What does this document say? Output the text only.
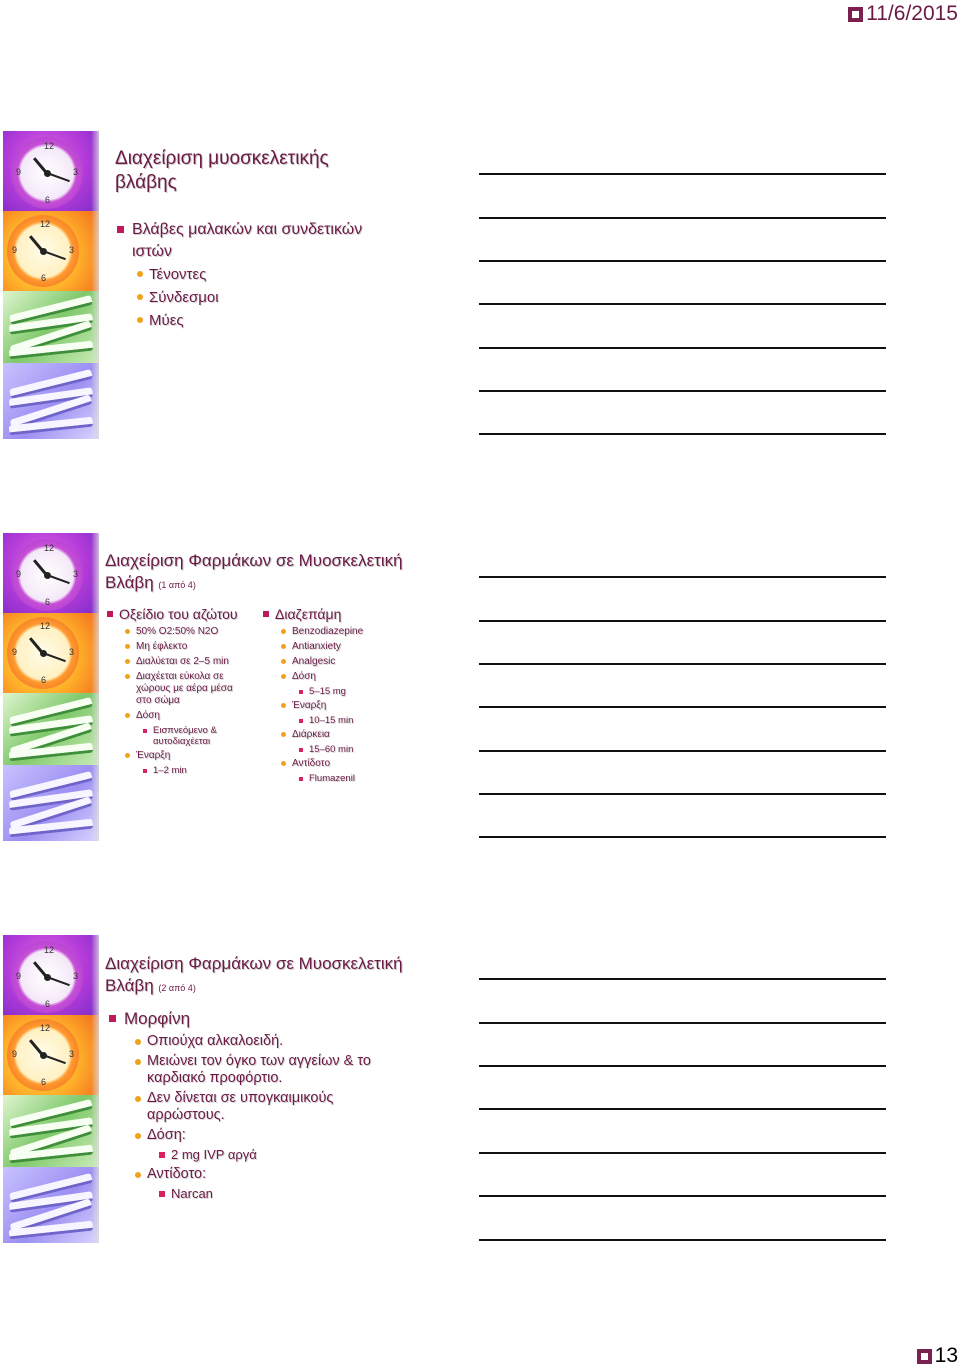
11/6/2015
12
3
6
9
12
3
6
9
Διαχείριση μυοσκελετικής βλάβης
Βλάβες μαλακών και συνδετικών ιστών
Τένοντες
Σύνδεσμοι
Μύες
12
3
6
9
12
3
6
9
Διαχείριση Φαρμάκων σε Μυοσκελετική Βλάβη (1 από 4)
Οξείδιο του αζώτου
50% O2:50% N2O
Μη έφλεκτο
Διαλύεται σε 2–5 min
Διαχέεται εύκολα σε χώρους με αέρα μέσα στο σώμα
Δόση
Εισπνεόμενο & αυτοδιαχέεται
Έναρξη
1–2 min
Διαζεπάμη
Benzodiazepine
Antianxiety
Analgesic
Δόση
5–15 mg
Έναρξη
10–15 min
Διάρκεια
15–60 min
Αντίδοτο
Flumazenil
12
3
6
9
12
3
6
9
Διαχείριση Φαρμάκων σε Μυοσκελετική Βλάβη (2 από 4)
Μορφίνη
Οπιούχα αλκαλοειδή.
Μειώνει τον όγκο των αγγείων & το καρδιακό προφόρτιο.
Δεν δίνεται σε υπογκαιμικούς αρρώστους.
Δόση:
2 mg IVP αργά
Αντίδοτο:
Narcan
13
